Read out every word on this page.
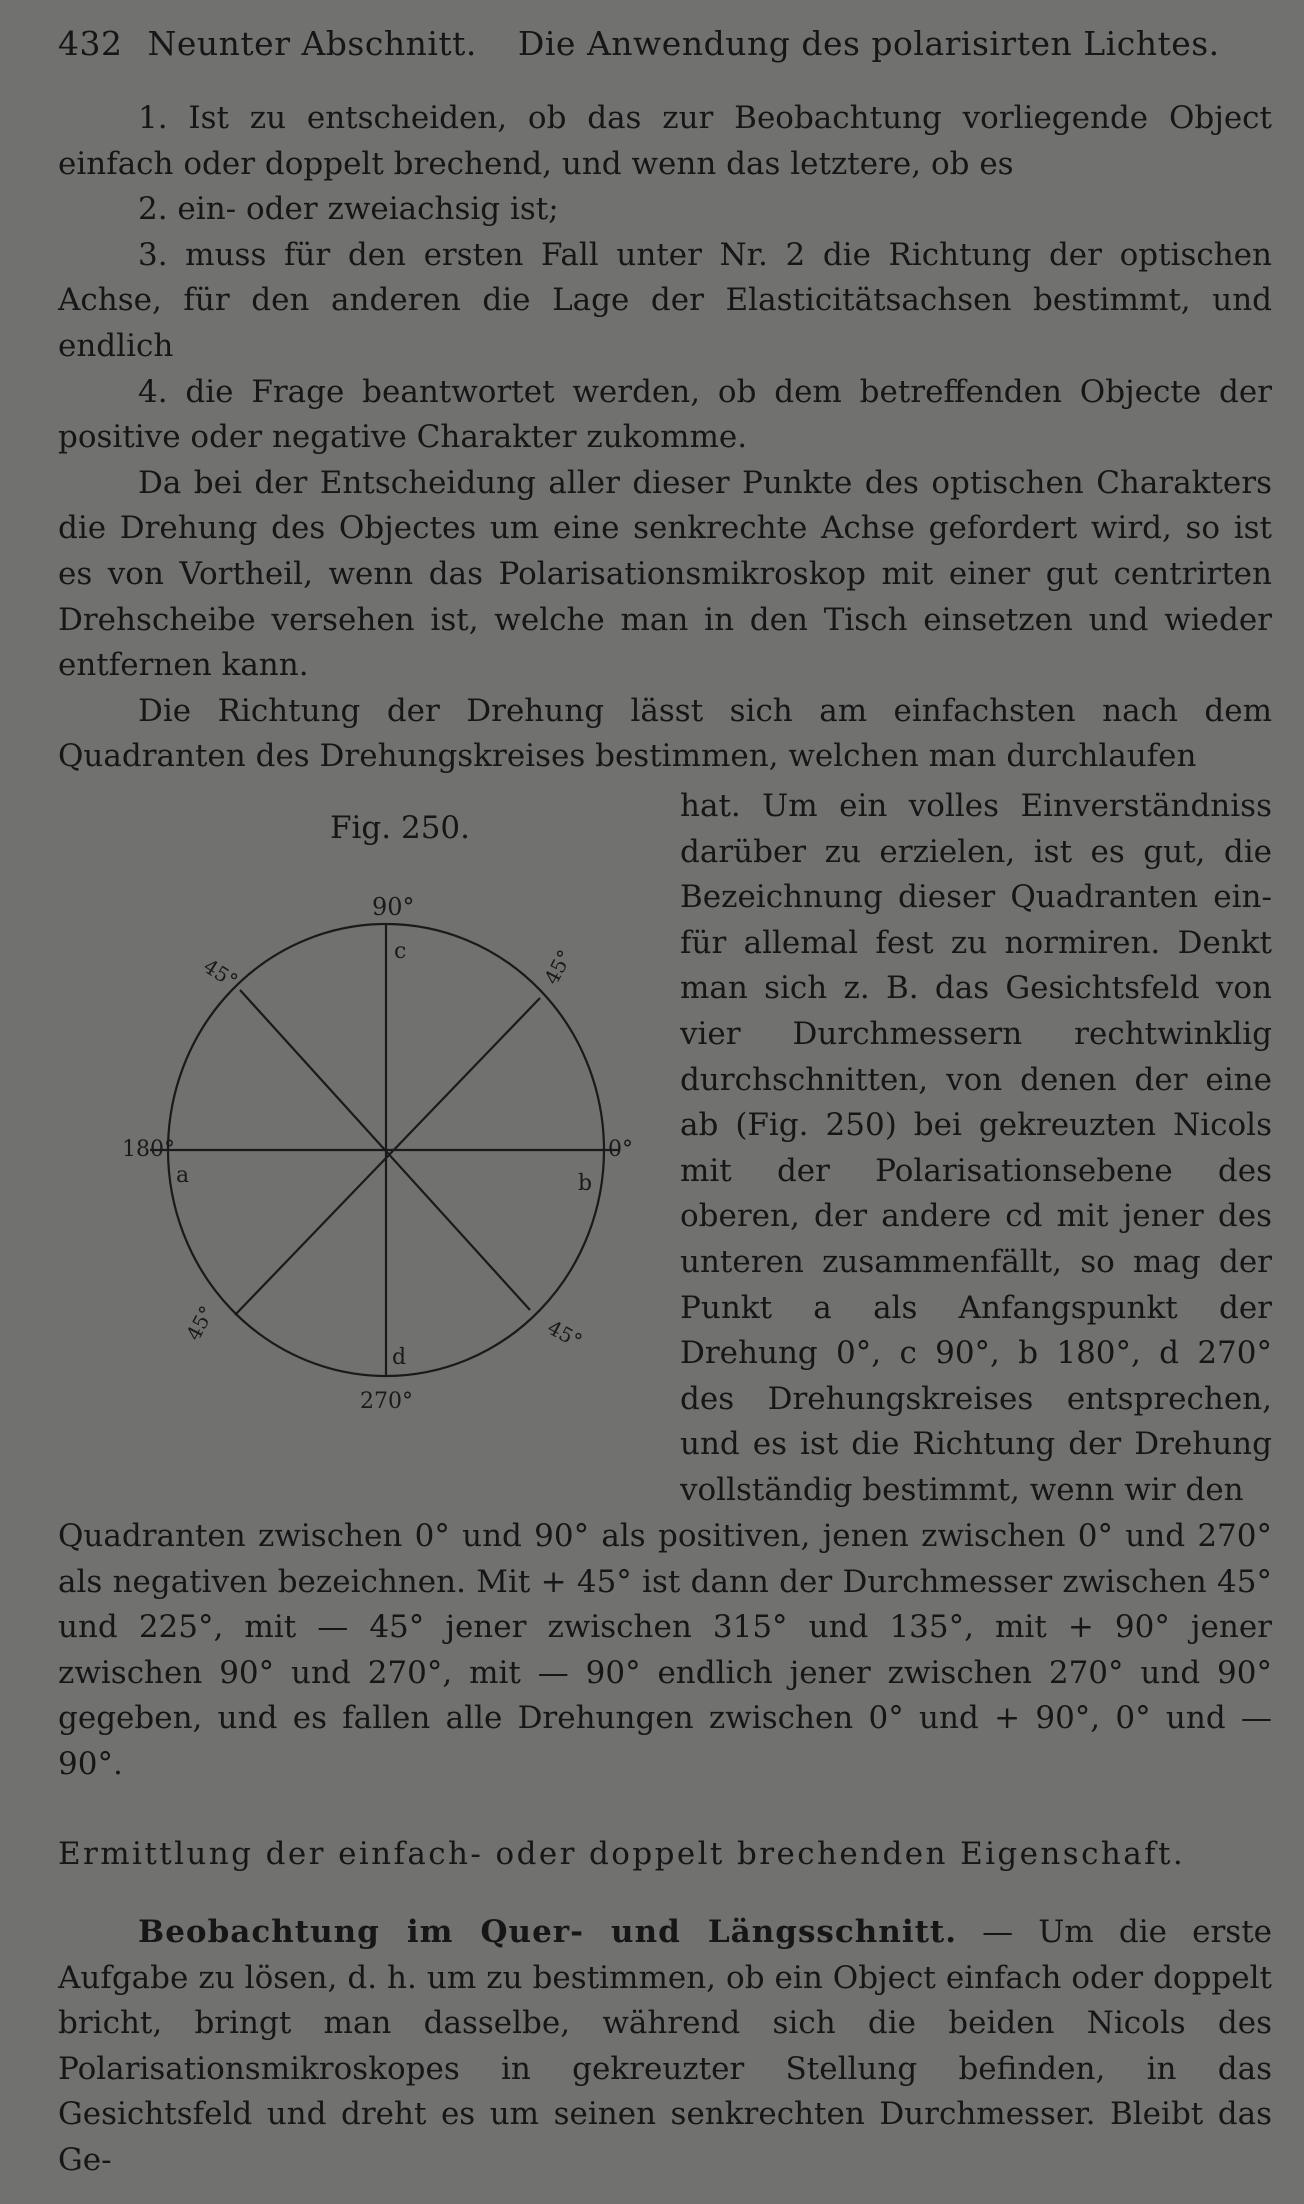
432 Neunter Abschnitt. Die Anwendung des polarisirten Lichtes.

1. Ist zu entscheiden, ob das zur Beobachtung vorliegende Object einfach oder doppelt brechend, und wenn das letztere, ob es

2. ein- oder zweiachsig ist;

3. muss für den ersten Fall unter Nr. 2 die Richtung der optischen Achse, für den anderen die Lage der Elasticitätsachsen bestimmt, und endlich

4. die Frage beantwortet werden, ob dem betreffenden Objecte der positive oder negative Charakter zukomme.

Da bei der Entscheidung aller dieser Punkte des optischen Charakters die Drehung des Objectes um eine senkrechte Achse gefordert wird, so ist es von Vortheil, wenn das Polarisationsmikroskop mit einer gut centrirten Drehscheibe versehen ist, welche man in den Tisch einsetzen und wieder entfernen kann.

Die Richtung der Drehung lässt sich am einfachsten nach dem Quadranten des Drehungskreises bestimmen, welchen man durchlaufen

Fig. 250.
90°
180°	0°
270°
a	b
c
d
45°	45°
45°	45°

hat. Um ein volles Einverständniss darüber zu erzielen, ist es gut, die Bezeichnung dieser Quadranten ein- für allemal fest zu normiren. Denkt man sich z. B. das Gesichtsfeld von vier Durchmessern rechtwinklig durchschnitten, von denen der eine ab (Fig. 250) bei gekreuzten Nicols mit der Polarisationsebene des oberen, der andere cd mit jener des unteren zusammenfällt, so mag der Punkt a als Anfangspunkt der Drehung 0°, c 90°, b 180°, d 270° des Drehungskreises entsprechen, und es ist die Richtung der Drehung vollständig bestimmt, wenn wir den

Quadranten zwischen 0° und 90° als positiven, jenen zwischen 0° und 270° als negativen bezeichnen. Mit + 45° ist dann der Durchmesser zwischen 45° und 225°, mit — 45° jener zwischen 315° und 135°, mit + 90° jener zwischen 90° und 270°, mit — 90° endlich jener zwischen 270° und 90° gegeben, und es fallen alle Drehungen zwischen 0° und + 90°, 0° und — 90°.

Ermittlung der einfach- oder doppelt brechenden Eigenschaft.

Beobachtung im Quer- und Längsschnitt. — Um die erste Aufgabe zu lösen, d. h. um zu bestimmen, ob ein Object einfach oder doppelt bricht, bringt man dasselbe, während sich die beiden Nicols des Polarisationsmikroskopes in gekreuzter Stellung befinden, in das Gesichtsfeld und dreht es um seinen senkrechten Durchmesser. Bleibt das Ge-
